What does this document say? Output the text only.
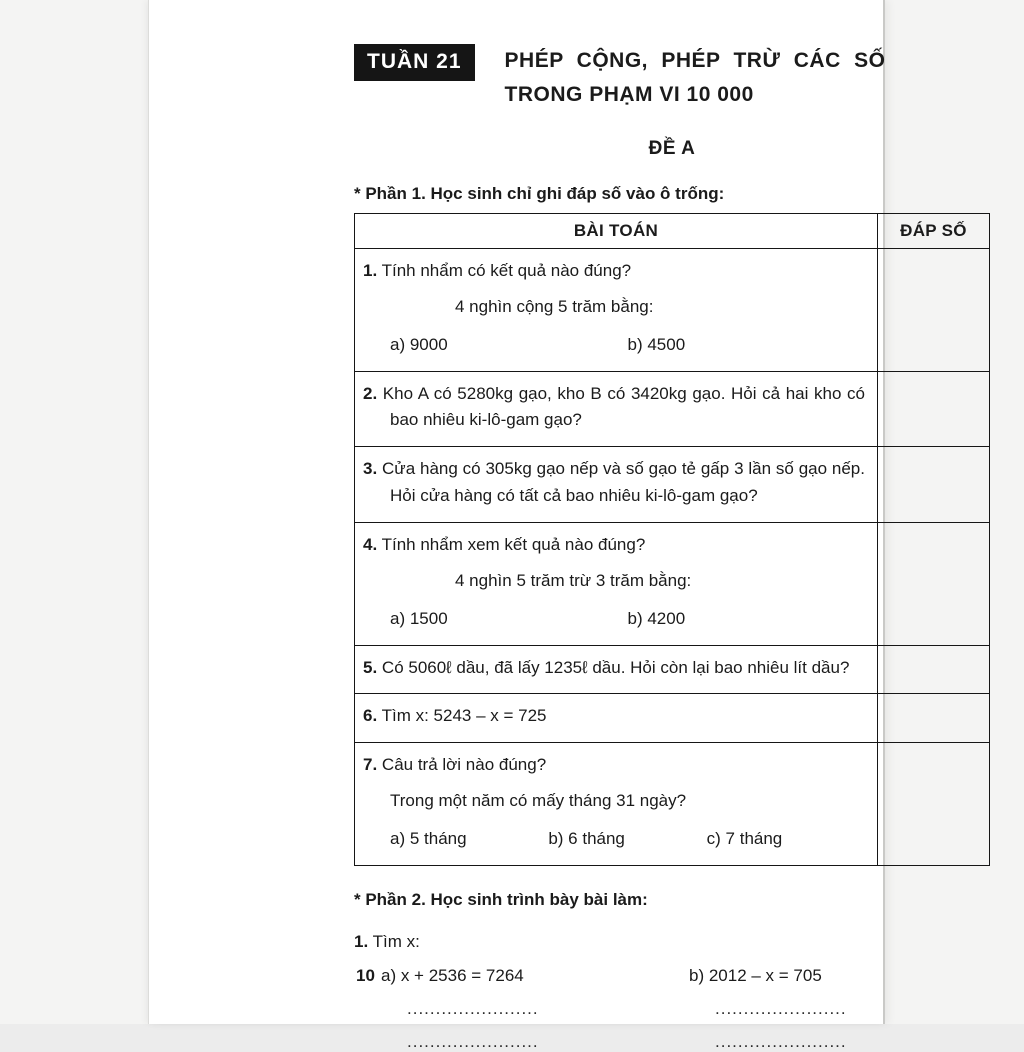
TUẦN 21	PHÉP CỘNG, PHÉP TRỪ CÁC SỐ
TRONG PHẠM VI 10 000
ĐỀ A
* Phần 1. Học sinh chỉ ghi đáp số vào ô trống:
BÀI TOÁN	ĐÁP SỐ

1. Tính nhẩm có kết quả nào đúng?
4 nghìn cộng 5 trăm bằng:
a) 9000 b) 4500	

2. Kho A có 5280kg gạo, kho B có 3420kg gạo. Hỏi cả hai kho có bao nhiêu ki-lô-gam gạo?	

3. Cửa hàng có 305kg gạo nếp và số gạo tẻ gấp 3 lần số gạo nếp. Hỏi cửa hàng có tất cả bao nhiêu ki-lô-gam gạo?	

4. Tính nhẩm xem kết quả nào đúng?
4 nghìn 5 trăm trừ 3 trăm bằng:
a) 1500 b) 4200	

5. Có 5060ℓ dầu, đã lấy 1235ℓ dầu. Hỏi còn lại bao nhiêu lít dầu?	

6. Tìm x: 5243 – x = 725	

7. Câu trả lời nào đúng?
Trong một năm có mấy tháng 31 ngày?
a) 5 tháng b) 6 tháng c) 7 tháng	

* Phần 2. Học sinh trình bày bài làm:
1. Tìm x:
a) x + 2536 = 7264
.......................
.......................
b) 2012 – x = 705
.......................
.......................
10
